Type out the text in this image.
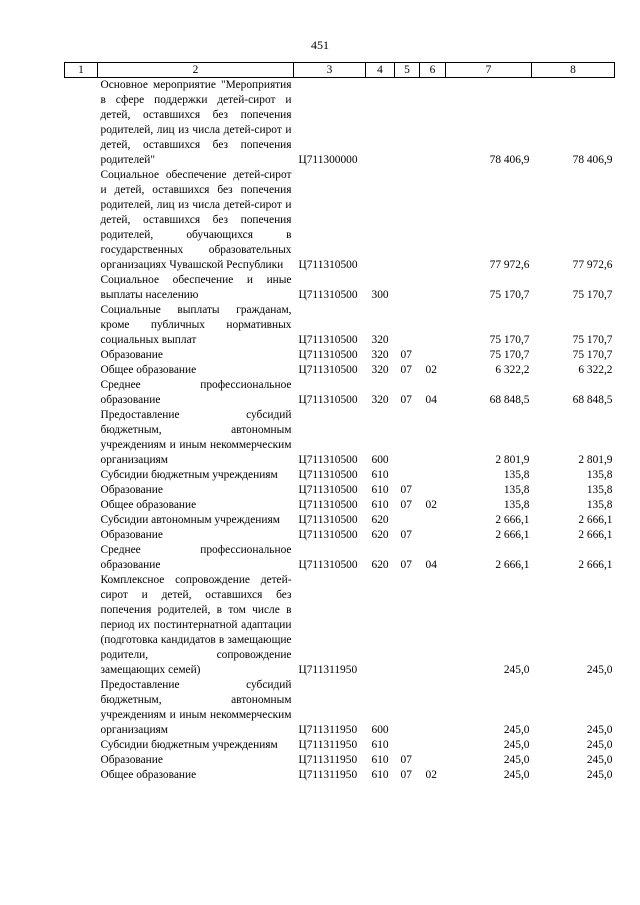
451
1	2	3	4	5	6	7	8
	Основное мероприятие "Мероприятия в сфере поддержки детей-сирот и детей, оставшихся без попечения родителей, лиц из числа детей-сирот и детей, оставшихся без попечения родителей"	Ц711300000				78 406,9	78 406,9
	Социальное обеспечение детей-сирот и детей, оставшихся без попечения родителей, лиц из числа детей-сирот и детей, оставшихся без попечения родителей, обучающихся в государственных образовательных организациях Чувашской Республики	Ц711310500				77 972,6	77 972,6
	Социальное обеспечение и иные выплаты населению	Ц711310500	300			75 170,7	75 170,7
	Социальные выплаты гражданам, кроме публичных нормативных социальных выплат	Ц711310500	320			75 170,7	75 170,7
	Образование	Ц711310500	320	07		75 170,7	75 170,7
	Общее образование	Ц711310500	320	07	02	6 322,2	6 322,2
	Среднее профессиональное образование	Ц711310500	320	07	04	68 848,5	68 848,5
	Предоставление субсидий бюджетным, автономным учреждениям и иным некоммерческим организациям	Ц711310500	600			2 801,9	2 801,9
	Субсидии бюджетным учреждениям	Ц711310500	610			135,8	135,8
	Образование	Ц711310500	610	07		135,8	135,8
	Общее образование	Ц711310500	610	07	02	135,8	135,8
	Субсидии автономным учреждениям	Ц711310500	620			2 666,1	2 666,1
	Образование	Ц711310500	620	07		2 666,1	2 666,1
	Среднее профессиональное образование	Ц711310500	620	07	04	2 666,1	2 666,1
	Комплексное сопровождение детей-сирот и детей, оставшихся без попечения родителей, в том числе в период их постинтернатной адаптации (подготовка кандидатов в замещающие родители, сопровождение замещающих семей)	Ц711311950				245,0	245,0
	Предоставление субсидий бюджетным, автономным учреждениям и иным некоммерческим организациям	Ц711311950	600			245,0	245,0
	Субсидии бюджетным учреждениям	Ц711311950	610			245,0	245,0
	Образование	Ц711311950	610	07		245,0	245,0
	Общее образование	Ц711311950	610	07	02	245,0	245,0
